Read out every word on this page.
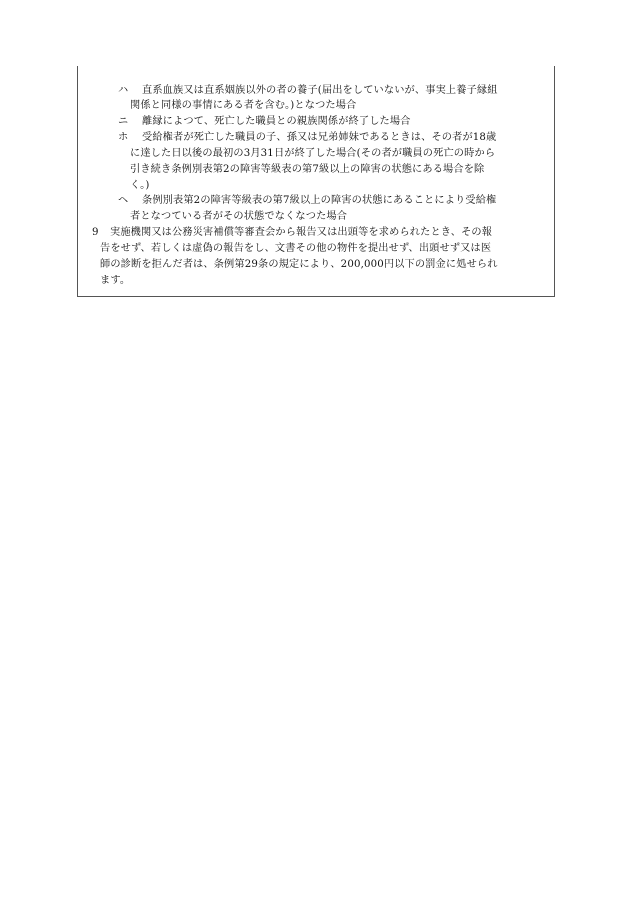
ハ 直系血族又は直系姻族以外の者の養子(届出をしていないが、事実上養子縁組
関係と同様の事情にある者を含む。)となつた場合
ニ 離縁によつて、死亡した職員との親族関係が終了した場合
ホ 受給権者が死亡した職員の子、孫又は兄弟姉妹であるときは、その者が18歳
に達した日以後の最初の3月31日が終了した場合(その者が職員の死亡の時から
引き続き条例別表第2の障害等級表の第7級以上の障害の状態にある場合を除
く。)
ヘ 条例別表第2の障害等級表の第7級以上の障害の状態にあることにより受給権
者となつている者がその状態でなくなつた場合
9 実施機関又は公務災害補償等審査会から報告又は出頭等を求められたとき、その報
告をせず、若しくは虚偽の報告をし、文書その他の物件を提出せず、出頭せず又は医
師の診断を拒んだ者は、条例第29条の規定により、200,000円以下の罰金に処せられ
ます。
